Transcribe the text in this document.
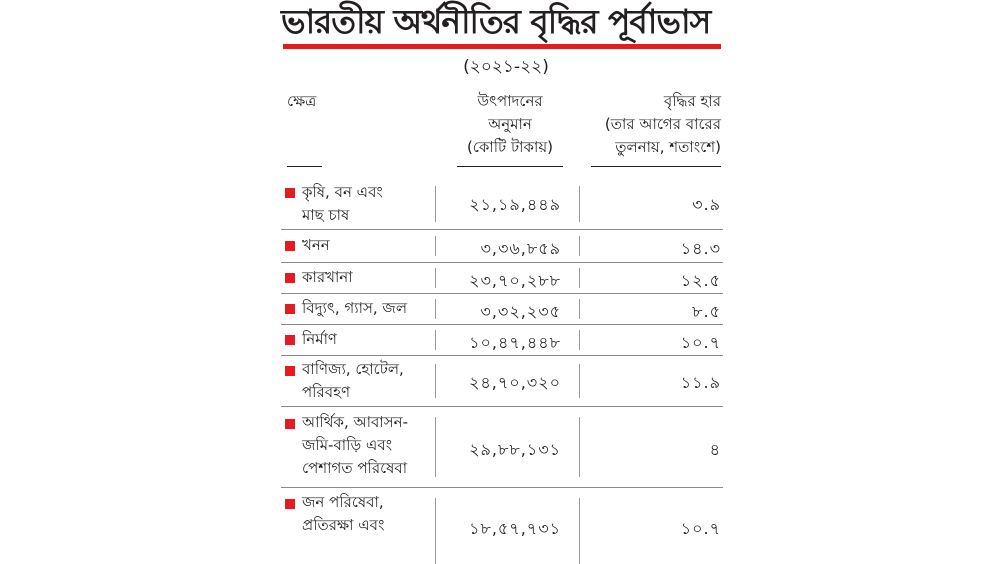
ভারতীয় অর্থনীতির বৃদ্ধির পূর্বাভাস
(২০২১-২২)
ক্ষেত্র	উৎপাদনের
অনুমান
(কোটি টাকায়)
বৃদ্ধির হার
(তার আগের বারের
তুলনায়, শতাংশে)
কৃষি, বন এবং
মাছ চাষ
২১,১৯,৪৪৯	৩.৯
খনন	৩,৩৬,৮৫৯	১৪.৩
কারখানা	২৩,৭০,২৮৮	১২.৫
বিদ্যুৎ, গ্যাস, জল	৩,৩২,২৩৫	৮.৫
নির্মাণ	১০,৪৭,৪৪৮	১০.৭
বাণিজ্য, হোটেল,
পরিবহণ	২৪,৭০,৩২০	১১.৯
আর্থিক, আবাসন-
জমি-বাড়ি এবং
পেশাগত পরিষেবা
২৯,৮৮,১৩১	৪
জন পরিষেবা,
প্রতিরক্ষা এবং	১৮,৫৭,৭৩১	১০.৭
